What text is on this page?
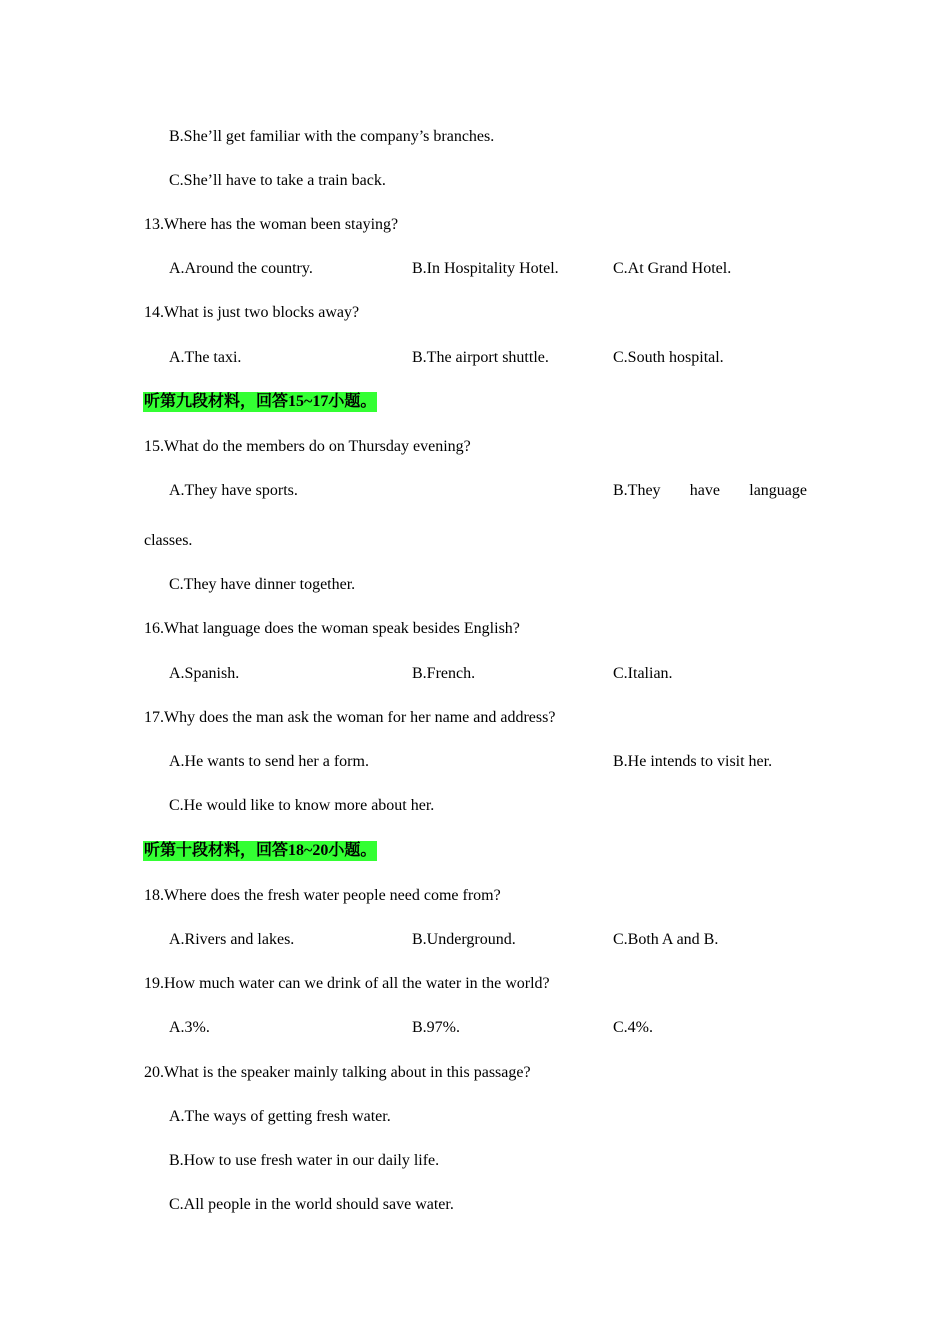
B.She’ll get familiar with the company’s branches.
C.She’ll have to take a train back.
13.Where has the woman been staying?
A.Around the country.	B.In Hospitality Hotel.	C.At Grand Hotel.
14.What is just two blocks away?
A.The taxi.	B.The airport shuttle.	C.South hospital.
听第九段材料，回答15~17小题。
15.What do the members do on Thursday evening?
A.They have sports.	B.They have language
classes.
C.They have dinner together.
16.What language does the woman speak besides English?
A.Spanish.	B.French.	C.Italian.
17.Why does the man ask the woman for her name and address?
A.He wants to send her a form.	B.He intends to visit her.
C.He would like to know more about her.
听第十段材料，回答18~20小题。
18.Where does the fresh water people need come from?
A.Rivers and lakes.	B.Underground.	C.Both A and B.
19.How much water can we drink of all the water in the world?
A.3%.	B.97%.	C.4%.
20.What is the speaker mainly talking about in this passage?
A.The ways of getting fresh water.
B.How to use fresh water in our daily life.
C.All people in the world should save water.
